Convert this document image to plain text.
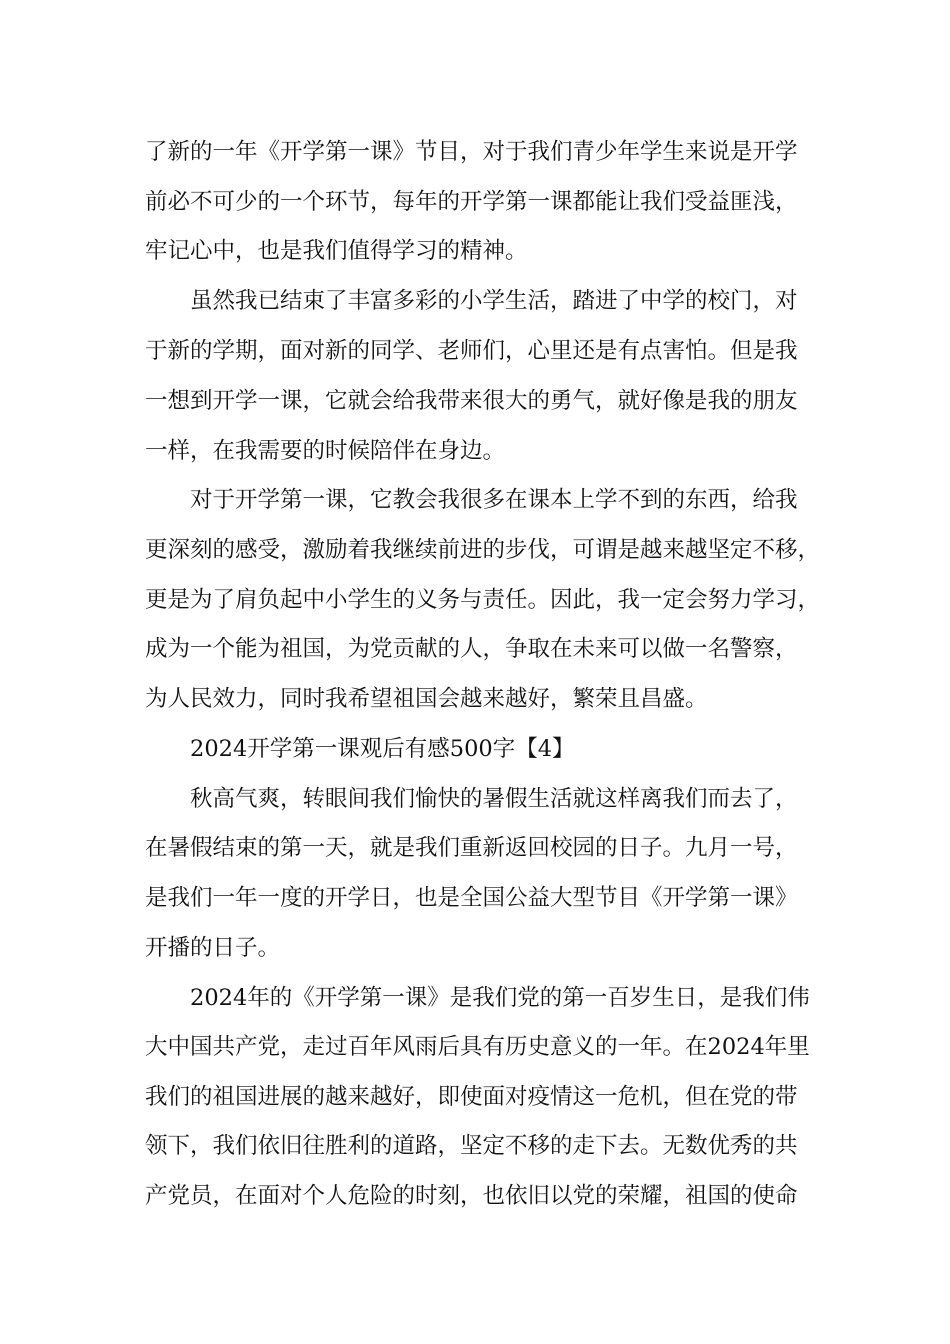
了新的一年《开学第一课》节目，对于我们青少年学生来说是开学
前必不可少的一个环节，每年的开学第一课都能让我们受益匪浅，
牢记心中，也是我们值得学习的精神。
虽然我已结束了丰富多彩的小学生活，踏进了中学的校门，对
于新的学期，面对新的同学、老师们，心里还是有点害怕。但是我
一想到开学一课，它就会给我带来很大的勇气，就好像是我的朋友
一样，在我需要的时候陪伴在身边。
对于开学第一课，它教会我很多在课本上学不到的东西，给我
更深刻的感受，激励着我继续前进的步伐，可谓是越来越坚定不移，
更是为了肩负起中小学生的义务与责任。因此，我一定会努力学习，
成为一个能为祖国，为党贡献的人，争取在未来可以做一名警察，
为人民效力，同时我希望祖国会越来越好，繁荣且昌盛。
2024开学第一课观后有感500字【4】
秋高气爽，转眼间我们愉快的暑假生活就这样离我们而去了，
在暑假结束的第一天，就是我们重新返回校园的日子。九月一号，
是我们一年一度的开学日，也是全国公益大型节目《开学第一课》
开播的日子。
2024年的《开学第一课》是我们党的第一百岁生日，是我们伟
大中国共产党，走过百年风雨后具有历史意义的一年。在2024年里
我们的祖国进展的越来越好，即使面对疫情这一危机，但在党的带
领下，我们依旧往胜利的道路，坚定不移的走下去。无数优秀的共
产党员，在面对个人危险的时刻，也依旧以党的荣耀，祖国的使命
